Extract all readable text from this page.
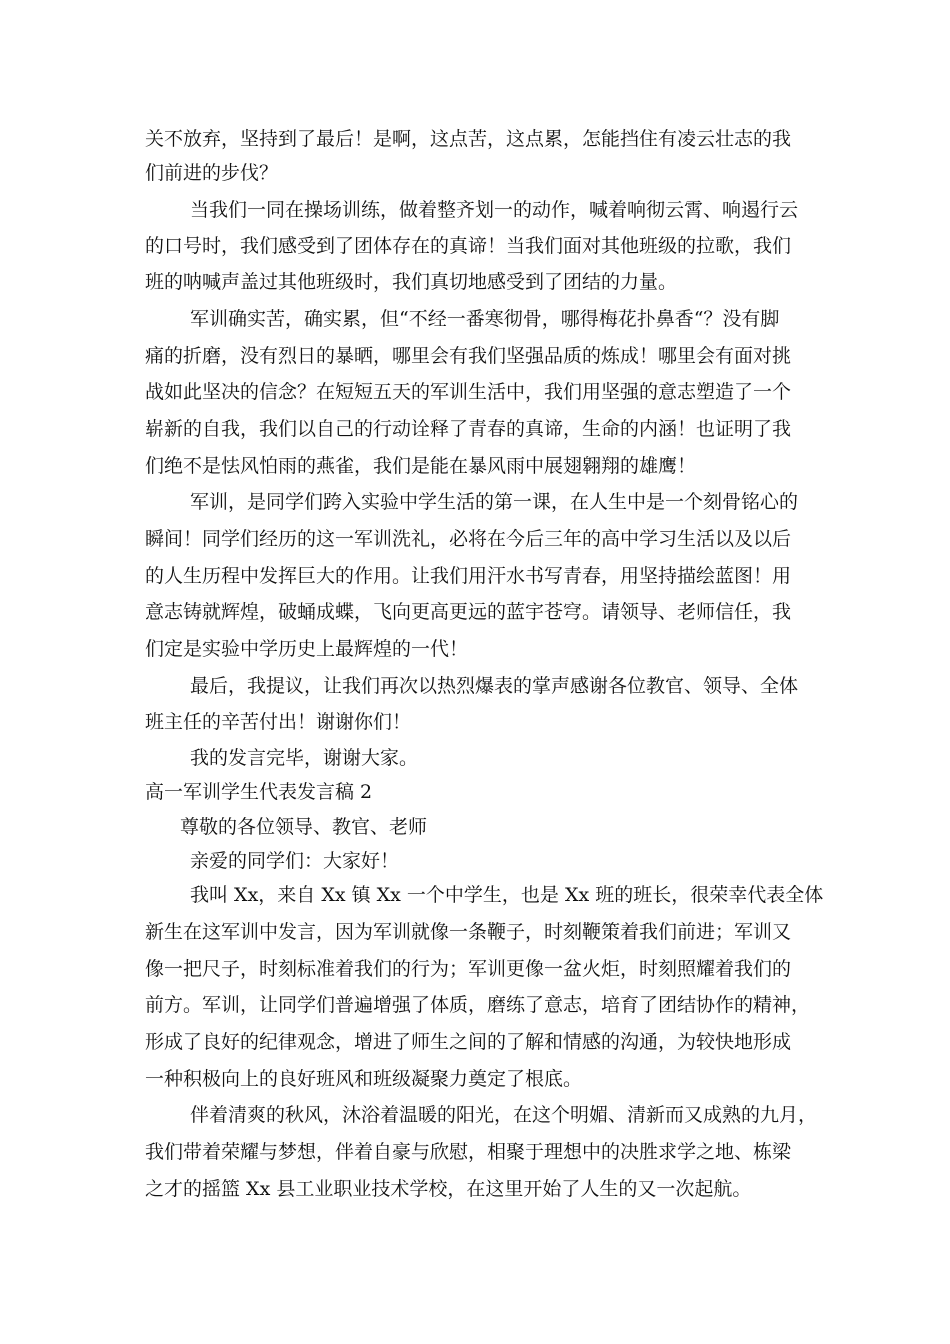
关不放弃，坚持到了最后！是啊，这点苦，这点累，怎能挡住有凌云壮志的我
们前进的步伐？
当我们一同在操场训练，做着整齐划一的动作，喊着响彻云霄、响遏行云
的口号时，我们感受到了团体存在的真谛！当我们面对其他班级的拉歌，我们
班的呐喊声盖过其他班级时，我们真切地感受到了团结的力量。
军训确实苦，确实累，但“不经一番寒彻骨，哪得梅花扑鼻香“？没有脚
痛的折磨，没有烈日的暴晒，哪里会有我们坚强品质的炼成！哪里会有面对挑
战如此坚决的信念？在短短五天的军训生活中，我们用坚强的意志塑造了一个
崭新的自我，我们以自己的行动诠释了青春的真谛，生命的内涵！也证明了我
们绝不是怯风怕雨的燕雀，我们是能在暴风雨中展翅翱翔的雄鹰！
军训，是同学们跨入实验中学生活的第一课，在人生中是一个刻骨铭心的
瞬间！同学们经历的这一军训洗礼，必将在今后三年的高中学习生活以及以后
的人生历程中发挥巨大的作用。让我们用汗水书写青春，用坚持描绘蓝图！用
意志铸就辉煌，破蛹成蝶，飞向更高更远的蓝宇苍穹。请领导、老师信任，我
们定是实验中学历史上最辉煌的一代！
最后，我提议，让我们再次以热烈爆表的掌声感谢各位教官、领导、全体
班主任的辛苦付出！谢谢你们！
我的发言完毕，谢谢大家。
高一军训学生代表发言稿 2
尊敬的各位领导、教官、老师
亲爱的同学们：大家好！
我叫 Xx，来自 Xx 镇 Xx 一个中学生，也是 Xx 班的班长，很荣幸代表全体
新生在这军训中发言，因为军训就像一条鞭子，时刻鞭策着我们前进；军训又
像一把尺子，时刻标准着我们的行为；军训更像一盆火炬，时刻照耀着我们的
前方。军训，让同学们普遍增强了体质，磨练了意志，培育了团结协作的精神，
形成了良好的纪律观念，增进了师生之间的了解和情感的沟通，为较快地形成
一种积极向上的良好班风和班级凝聚力奠定了根底。
伴着清爽的秋风，沐浴着温暖的阳光，在这个明媚、清新而又成熟的九月，
我们带着荣耀与梦想，伴着自豪与欣慰，相聚于理想中的决胜求学之地、栋梁
之才的摇篮 Xx 县工业职业技术学校，在这里开始了人生的又一次起航。
